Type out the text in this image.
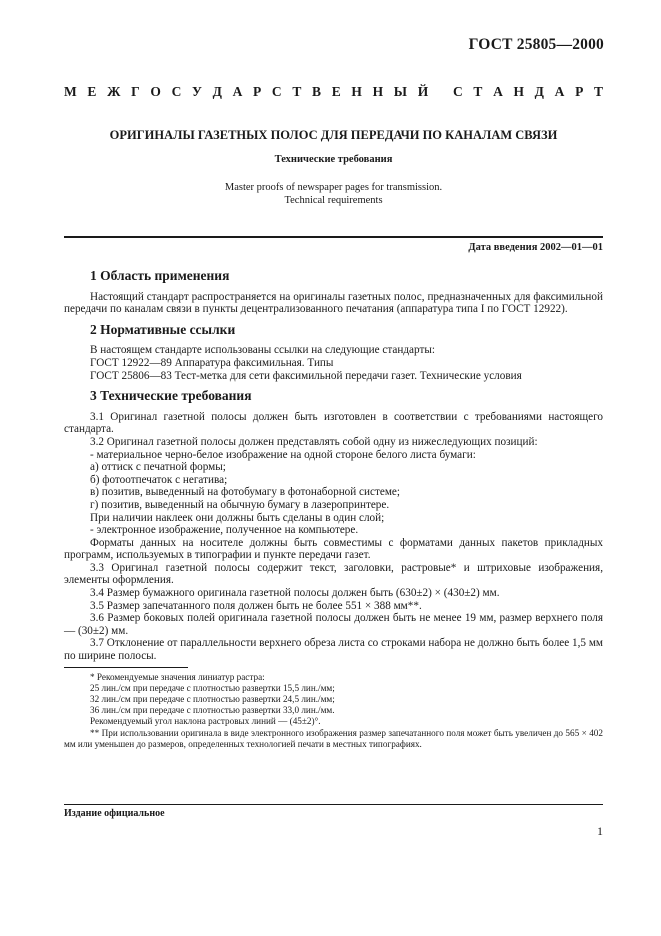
ГОСТ 25805—2000
М Е Ж Г О С У Д А Р С Т В Е Н Н Ы Й
С Т А Н Д А Р Т
ОРИГИНАЛЫ ГАЗЕТНЫХ ПОЛОС ДЛЯ ПЕРЕДАЧИ ПО КАНАЛАМ СВЯЗИ
Технические требования
Master proofs of newspaper pages for transmission.
Technical requirements
Дата введения 2002—01—01
1 Область применения

Настоящий стандарт распространяется на оригиналы газетных полос, предназначенных для факсимильной передачи по каналам связи в пункты децентрализованного печатания (аппаратура типа I по ГОСТ 12922).

2 Нормативные ссылки

В настоящем стандарте использованы ссылки на следующие стандарты:

ГОСТ 12922—89 Аппаратура факсимильная. Типы

ГОСТ 25806—83 Тест-метка для сети факсимильной передачи газет. Технические условия

3 Технические требования

3.1 Оригинал газетной полосы должен быть изготовлен в соответствии с требованиями настоящего стандарта.

3.2 Оригинал газетной полосы должен представлять собой одну из нижеследующих позиций:

- материальное черно-белое изображение на одной стороне белого листа бумаги:

а) оттиск с печатной формы;

б) фотоотпечаток с негатива;

в) позитив, выведенный на фотобумагу в фотонаборной системе;

г) позитив, выведенный на обычную бумагу в лазеропринтере.

При наличии наклеек они должны быть сделаны в один слой;

- электронное изображение, полученное на компьютере.

Форматы данных на носителе должны быть совместимы с форматами данных пакетов прикладных программ, используемых в типографии и пункте передачи газет.

3.3 Оригинал газетной полосы содержит текст, заголовки, растровые* и штриховые изображения, элементы оформления.

3.4 Размер бумажного оригинала газетной полосы должен быть (630±2) × (430±2) мм.

3.5 Размер запечатанного поля должен быть не более 551 × 388 мм**.

3.6 Размер боковых полей оригинала газетной полосы должен быть не менее 19 мм, размер верхнего поля — (30±2) мм.

3.7 Отклонение от параллельности верхнего обреза листа со строками набора не должно быть более 1,5 мм по ширине полосы.

* Рекомендуемые значения линиатур растра:

25 лин./см при передаче с плотностью развертки 15,5 лин./мм;

32 лин./см при передаче с плотностью развертки 24,5 лин./мм;

36 лин./см при передаче с плотностью развертки 33,0 лин./мм.

Рекомендуемый угол наклона растровых линий — (45±2)°.

** При использовании оригинала в виде электронного изображения размер запечатанного поля может быть увеличен до 565 × 402 мм или уменьшен до размеров, определенных технологией печати в местных типографиях.

Издание официальное
1
